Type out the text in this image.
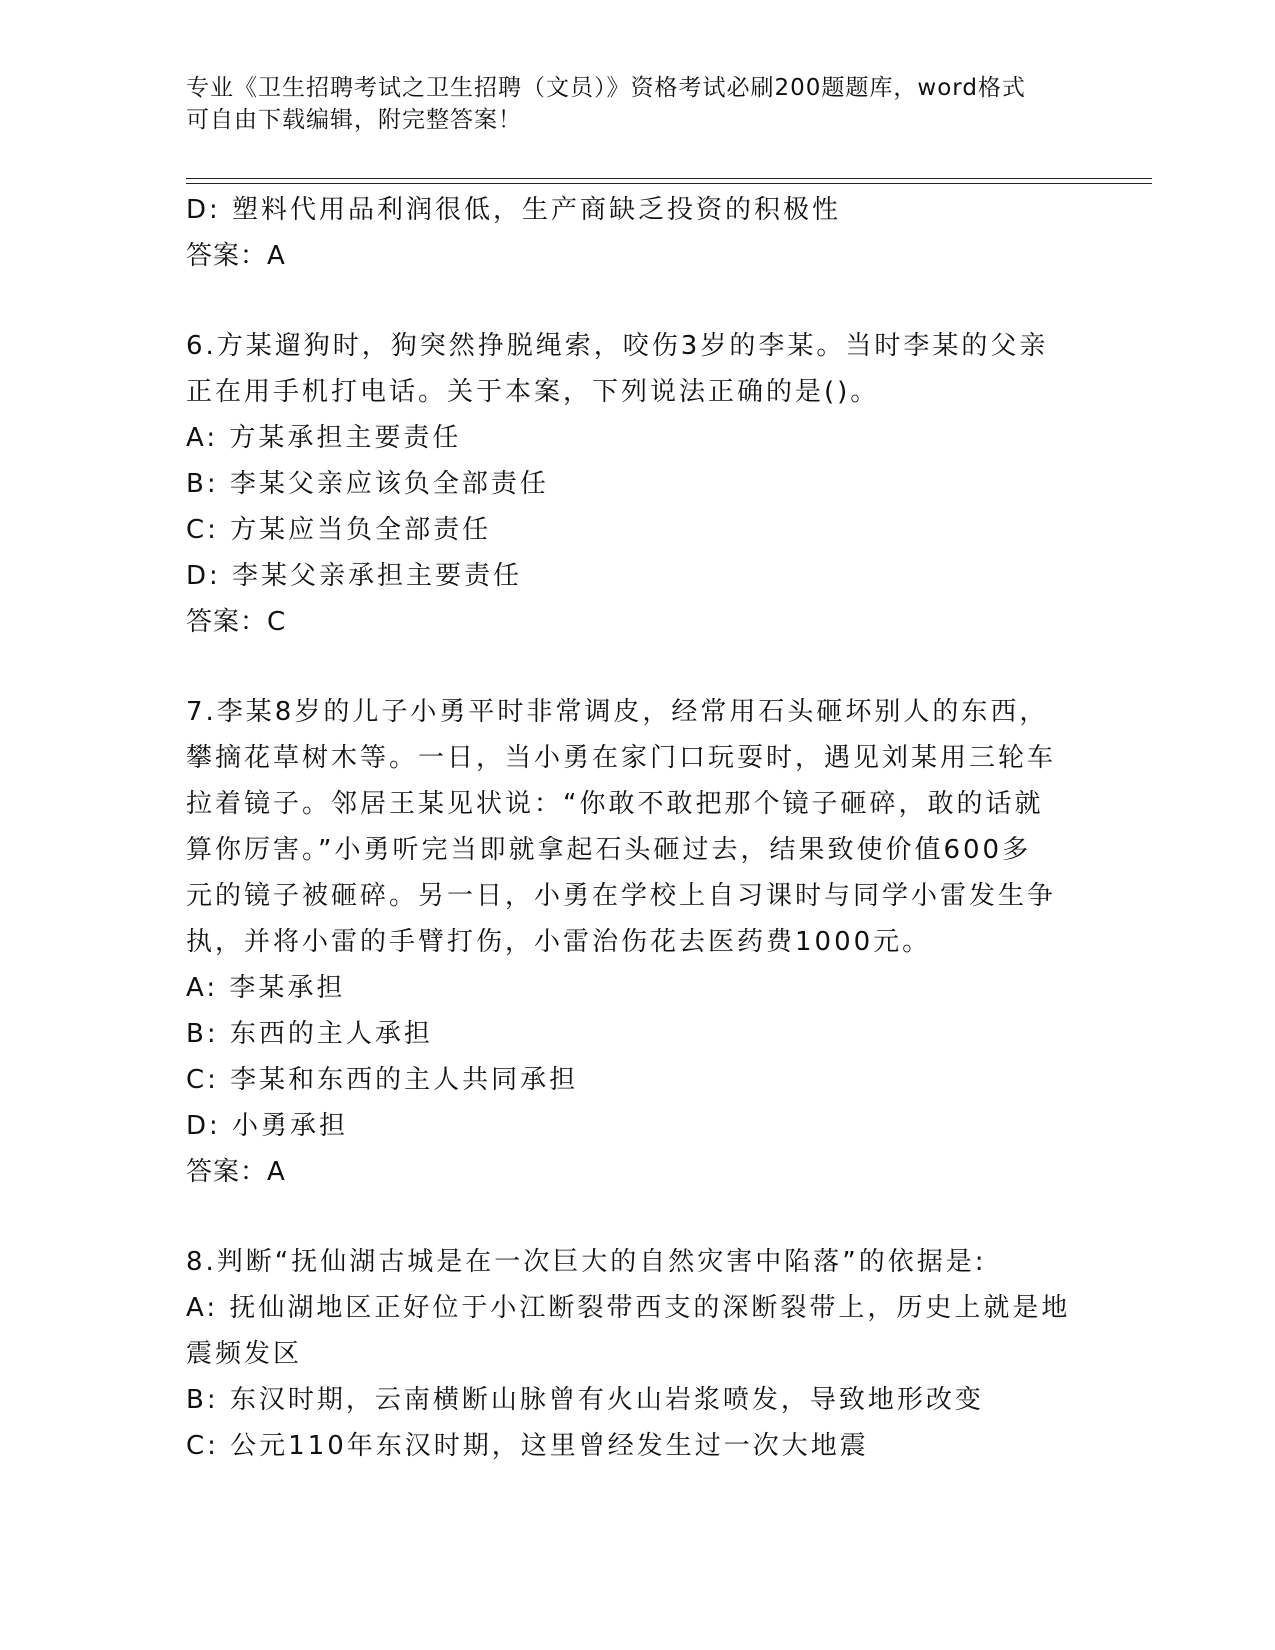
专业《卫生招聘考试之卫生招聘（文员）》资格考试必刷200题题库，word格式
可自由下载编辑，附完整答案！
D: 塑料代用品利润很低，生产商缺乏投资的积极性
答案：A
6.方某遛狗时，狗突然挣脱绳索，咬伤3岁的李某。当时李某的父亲
正在用手机打电话。关于本案，下列说法正确的是()。
A: 方某承担主要责任
B: 李某父亲应该负全部责任
C: 方某应当负全部责任
D: 李某父亲承担主要责任
答案：C
7.李某8岁的儿子小勇平时非常调皮，经常用石头砸坏别人的东西，
攀摘花草树木等。一日，当小勇在家门口玩耍时，遇见刘某用三轮车
拉着镜子。邻居王某见状说：“你敢不敢把那个镜子砸碎，敢的话就
算你厉害。”小勇听完当即就拿起石头砸过去，结果致使价值600多
元的镜子被砸碎。另一日，小勇在学校上自习课时与同学小雷发生争
执，并将小雷的手臂打伤，小雷治伤花去医药费1000元。
A: 李某承担
B: 东西的主人承担
C: 李某和东西的主人共同承担
D: 小勇承担
答案：A
8.判断“抚仙湖古城是在一次巨大的自然灾害中陷落”的依据是:
A: 抚仙湖地区正好位于小江断裂带西支的深断裂带上，历史上就是地
震频发区
B: 东汉时期，云南横断山脉曾有火山岩浆喷发，导致地形改变
C: 公元110年东汉时期，这里曾经发生过一次大地震
